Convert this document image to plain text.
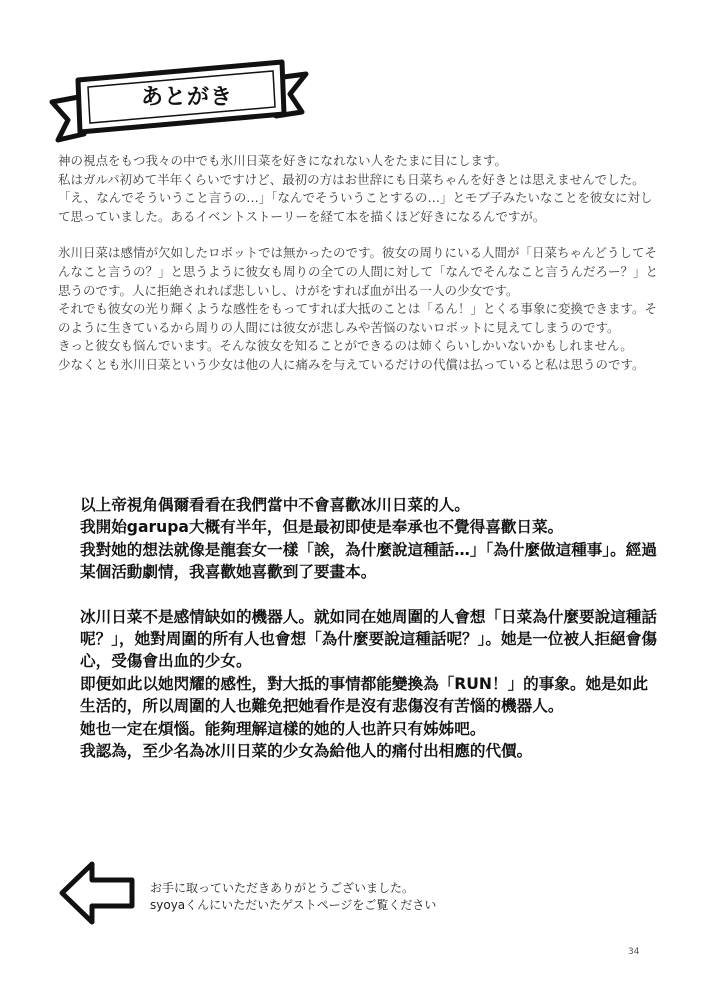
あとがき

神の視点をもつ我々の中でも氷川日菜を好きになれない人をたまに目にします。
私はガルパ初めて半年くらいですけど、最初の方はお世辞にも日菜ちゃんを好きとは思えませんでした。「え、なんでそういうこと言うの…」「なんでそういうことするの…」とモブ子みたいなことを彼女に対して思っていました。あるイベントストーリーを経て本を描くほど好きになるんですが。

氷川日菜は感情が欠如したロボットでは無かったのです。彼女の周りにいる人間が「日菜ちゃんどうしてそんなこと言うの？」と思うように彼女も周りの全ての人間に対して「なんでそんなこと言うんだろー？」と思うのです。人に拒絶されれば悲しいし、けがをすれば血が出る一人の少女です。
それでも彼女の光り輝くような感性をもってすれば大抵のことは「るん！」とくる事象に変換できます。そのように生きているから周りの人間には彼女が悲しみや苦悩のないロボットに見えてしまうのです。
きっと彼女も悩んでいます。そんな彼女を知ることができるのは姉くらいしかいないかもしれません。
少なくとも氷川日菜という少女は他の人に痛みを与えているだけの代償は払っていると私は思うのです。

以上帝視角偶爾看看在我們當中不會喜歡冰川日菜的人。
我開始garupa大概有半年，但是最初即使是奉承也不覺得喜歡日菜。
我對她的想法就像是龍套女一樣「誒，為什麼說這種話…」「為什麼做這種事」。經過某個活動劇情，我喜歡她喜歡到了要畫本。

冰川日菜不是感情缺如的機器人。就如同在她周圍的人會想「日菜為什麼要說這種話呢？」，她對周圍的所有人也會想「為什麼要說這種話呢？」。她是一位被人拒絕會傷心，受傷會出血的少女。
即便如此以她閃耀的感性，對大抵的事情都能變換為「RUN！」的事象。她是如此生活的，所以周圍的人也難免把她看作是沒有悲傷沒有苦惱的機器人。
她也一定在煩惱。能夠理解這樣的她的人也許只有姊姊吧。
我認為，至少名為冰川日菜的少女為給他人的痛付出相應的代價。

お手に取っていただきありがとうございました。
syoyaくんにいただいたゲストページをご覧ください
34
